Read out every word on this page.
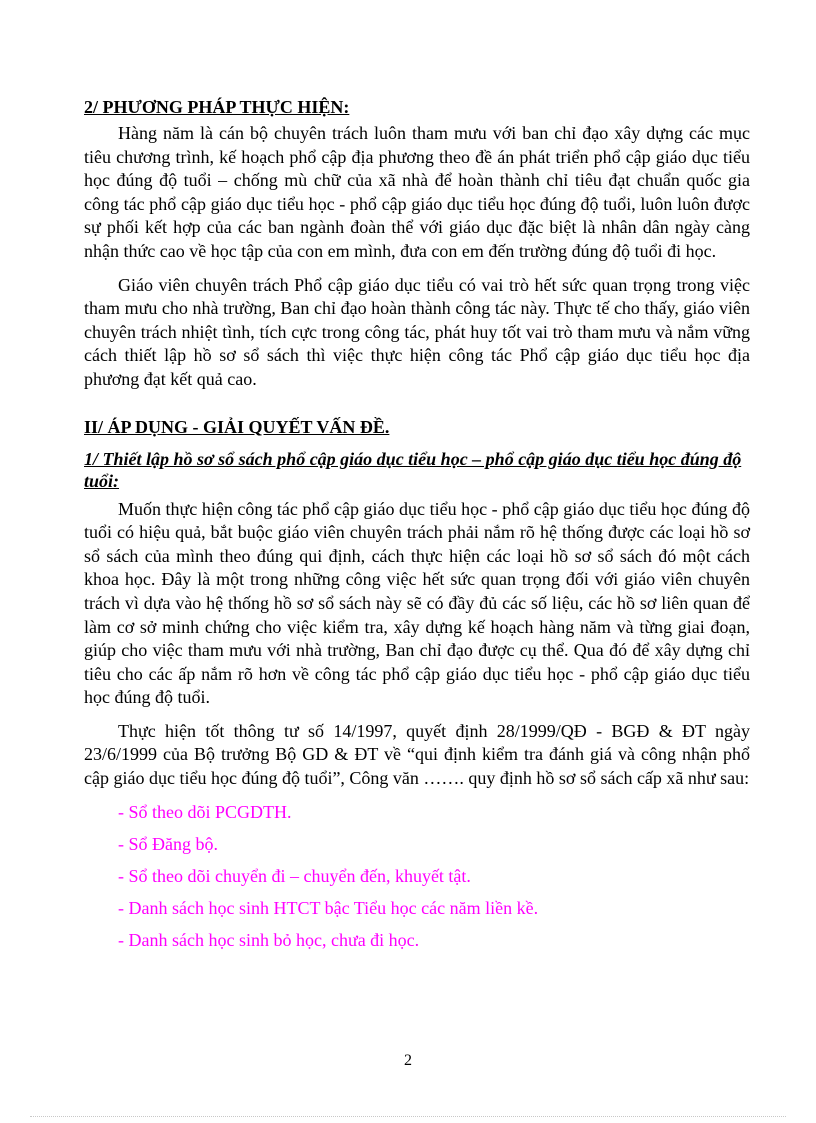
2/ PHƯƠNG PHÁP THỰC HIỆN:

Hàng năm là cán bộ chuyên trách luôn tham mưu với ban chỉ đạo xây dựng các mục tiêu chương trình, kế hoạch phổ cập địa phương theo đề án phát triển phổ cập giáo dục tiểu học đúng độ tuổi – chống mù chữ của xã nhà để hoàn thành chỉ tiêu đạt chuẩn quốc gia công tác phổ cập giáo dục tiểu học - phổ cập giáo dục tiểu học đúng độ tuổi, luôn luôn được sự phối kết hợp của các ban ngành đoàn thể với giáo dục đặc biệt là nhân dân ngày càng nhận thức cao về học tập của con em mình, đưa con em đến trường đúng độ tuổi đi học.

Giáo viên chuyên trách Phổ cập giáo dục tiểu có vai trò hết sức quan trọng trong việc tham mưu cho nhà trường, Ban chỉ đạo hoàn thành công tác này. Thực tế cho thấy, giáo viên chuyên trách nhiệt tình, tích cực trong công tác, phát huy tốt vai trò tham mưu và nắm vững cách thiết lập hồ sơ sổ sách thì việc thực hiện công tác Phổ cập giáo dục tiểu học địa phương đạt kết quả cao.

II/ ÁP DỤNG - GIẢI QUYẾT VẤN ĐỀ.

1/ Thiết lập hồ sơ sổ sách phổ cập giáo dục tiểu học – phổ cập giáo dục tiểu học đúng độ tuổi:

Muốn thực hiện công tác phổ cập giáo dục tiểu học - phổ cập giáo dục tiểu học đúng độ tuổi có hiệu quả, bắt buộc giáo viên chuyên trách phải nắm rõ hệ thống được các loại hồ sơ sổ sách của mình theo đúng qui định, cách thực hiện các loại hồ sơ sổ sách đó một cách khoa học. Đây là một trong những công việc hết sức quan trọng đối với giáo viên chuyên trách vì dựa vào hệ thống hồ sơ sổ sách này sẽ có đầy đủ các số liệu, các hồ sơ liên quan để làm cơ sở minh chứng cho việc kiểm tra, xây dựng kế hoạch hàng năm và từng giai đoạn, giúp cho việc tham mưu với nhà trường, Ban chỉ đạo được cụ thể. Qua đó để xây dựng chỉ tiêu cho các ấp nắm rõ hơn về công tác phổ cập giáo dục tiểu học - phổ cập giáo dục tiểu học đúng độ tuổi.

Thực hiện tốt thông tư số 14/1997, quyết định 28/1999/QĐ - BGĐ & ĐT ngày 23/6/1999 của Bộ trưởng Bộ GD & ĐT về “qui định kiểm tra đánh giá và công nhận phổ cập giáo dục tiểu học đúng độ tuổi”, Công văn ……. quy định hồ sơ sổ sách cấp xã như sau:

- Sổ theo dõi PCGDTH.
- Sổ Đăng bộ.
- Sổ theo dõi chuyển đi – chuyển đến, khuyết tật.
- Danh sách học sinh HTCT bậc Tiểu học các năm liền kề.
- Danh sách học sinh bỏ học, chưa đi học.
2
